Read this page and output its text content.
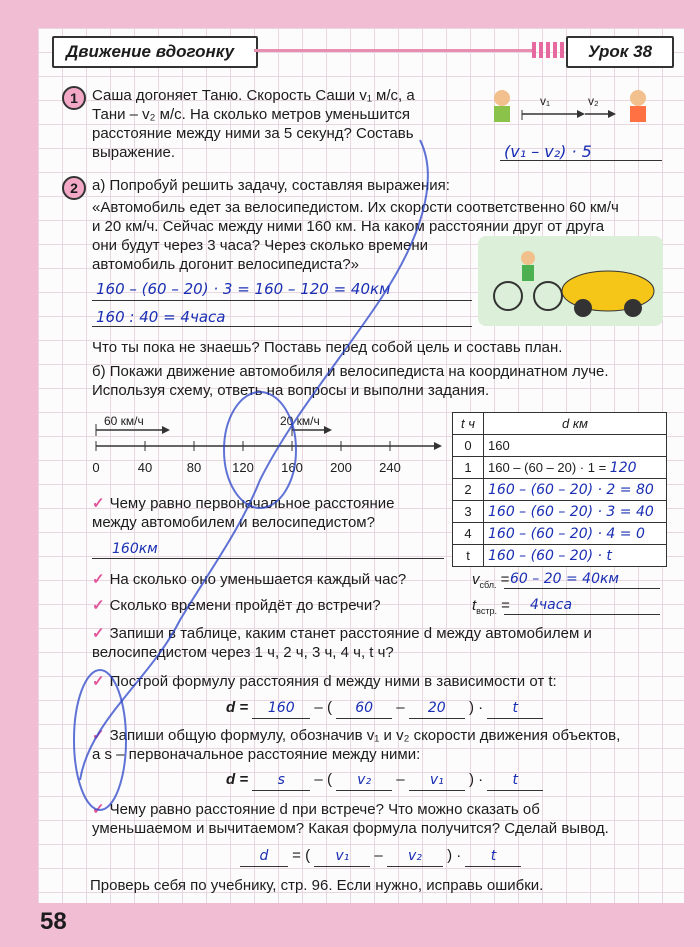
Движение вдогонку	Урок 38
1 Саша догоняет Таню. Скорость Саши v₁ м/с, а
Тани – v₂ м/с. На сколько метров уменьшится
расстояние между ними за 5 секунд? Составь
выражение.
v₁	v₂
(v₁ – v₂) · 5
2 а) Попробуй решить задачу, составляя выражения:
«Автомобиль едет за велосипедистом. Их скорости соответственно 60 км/ч
и 20 км/ч. Сейчас между ними 160 км. На каком расстоянии друг от друга
они будут через 3 часа? Через сколько времени
автомобиль догонит велосипедиста?»
160 – (60 – 20) · 3 = 160 – 120 = 40км
160 : 40 = 4часа
Что ты пока не знаешь? Поставь перед собой цель и составь план.
б) Покажи движение автомобиля и велосипедиста на координатном луче.
Используя схему, ответь на вопросы и выполни задания.
60 км/ч	20 км/ч
0	40	80	120 160 200 240
t ч	d км
0	160
1	160 – (60 – 20) · 1 = 120
2	160 – (60 – 20) · 2 = 80
3	160 – (60 – 20) · 3 = 40
4	160 – (60 – 20) · 4 = 0
t	160 – (60 – 20) · t
✓ Чему равно первоначальное расстояние
между автомобилем и велосипедистом?
160км
✓ На сколько оно уменьшается каждый час?	$v_{сбл.} = 60 - 20 = 40км$
✓ Сколько времени пройдёт до встречи?	$t_{встр.}$ = 4часа
✓ Запиши в таблице, каким станет расстояние d между автомобилем и
велосипедистом через 1 ч, 2 ч, 3 ч, 4 ч, t ч?
✓ Построй формулу расстояния d между ними в зависимости от t:
d = 160 – ( 60 – 20 ) · t
✓ Запиши общую формулу, обозначив v₁ и v₂ скорости движения объектов,
а s – первоначальное расстояние между ними:
d = s – ( v₂ – v₁ ) · t
✓ Чему равно расстояние d при встрече? Что можно сказать об
уменьшаемом и вычитаемом? Какая формула получится? Сделай вывод.
d = ( v₁ – v₂ ) · t
Проверь себя по учебнику, стр. 96. Если нужно, исправь ошибки.
58
